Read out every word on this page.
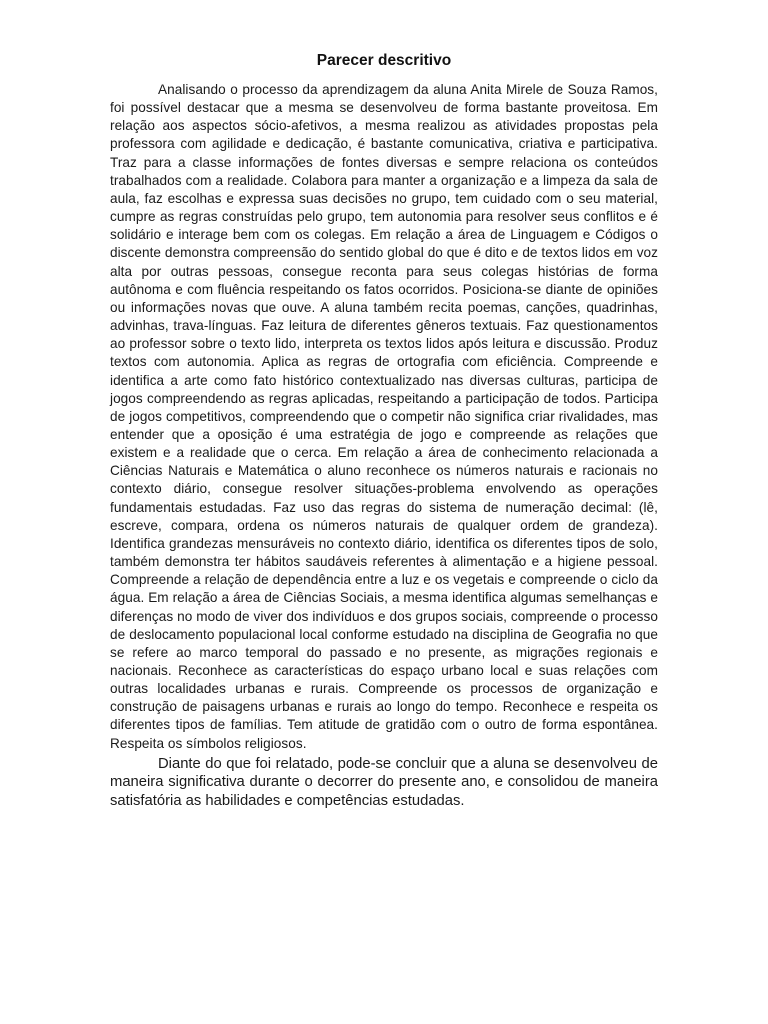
Parecer descritivo

Analisando o processo da aprendizagem da aluna Anita Mirele de Souza Ramos, foi possível destacar que a mesma se desenvolveu de forma bastante proveitosa. Em relação aos aspectos sócio-afetivos, a mesma realizou as atividades propostas pela professora com agilidade e dedicação, é bastante comunicativa, criativa e participativa. Traz para a classe informações de fontes diversas e sempre relaciona os conteúdos trabalhados com a realidade. Colabora para manter a organização e a limpeza da sala de aula, faz escolhas e expressa suas decisões no grupo, tem cuidado com o seu material, cumpre as regras construídas pelo grupo, tem autonomia para resolver seus conflitos e é solidário e interage bem com os colegas. Em relação a área de Linguagem e Códigos o discente demonstra compreensão do sentido global do que é dito e de textos lidos em voz alta por outras pessoas, consegue reconta para seus colegas histórias de forma autônoma e com fluência respeitando os fatos ocorridos. Posiciona-se diante de opiniões ou informações novas que ouve. A aluna também recita poemas, canções, quadrinhas, advinhas, trava-línguas. Faz leitura de diferentes gêneros textuais. Faz questionamentos ao professor sobre o texto lido, interpreta os textos lidos após leitura e discussão. Produz textos com autonomia. Aplica as regras de ortografia com eficiência. Compreende e identifica a arte como fato histórico contextualizado nas diversas culturas, participa de jogos compreendendo as regras aplicadas, respeitando a participação de todos. Participa de jogos competitivos, compreendendo que o competir não significa criar rivalidades, mas entender que a oposição é uma estratégia de jogo e compreende as relações que existem e a realidade que o cerca. Em relação a área de conhecimento relacionada a Ciências Naturais e Matemática o aluno reconhece os números naturais e racionais no contexto diário, consegue resolver situações-problema envolvendo as operações fundamentais estudadas. Faz uso das regras do sistema de numeração decimal: (lê, escreve, compara, ordena os números naturais de qualquer ordem de grandeza). Identifica grandezas mensuráveis no contexto diário, identifica os diferentes tipos de solo, também demonstra ter hábitos saudáveis referentes à alimentação e a higiene pessoal. Compreende a relação de dependência entre a luz e os vegetais e compreende o ciclo da água. Em relação a área de Ciências Sociais, a mesma identifica algumas semelhanças e diferenças no modo de viver dos indivíduos e dos grupos sociais, compreende o processo de deslocamento populacional local conforme estudado na disciplina de Geografia no que se refere ao marco temporal do passado e no presente, as migrações regionais e nacionais. Reconhece as características do espaço urbano local e suas relações com outras localidades urbanas e rurais. Compreende os processos de organização e construção de paisagens urbanas e rurais ao longo do tempo. Reconhece e respeita os diferentes tipos de famílias. Tem atitude de gratidão com o outro de forma espontânea. Respeita os símbolos religiosos.

Diante do que foi relatado, pode-se concluir que a aluna se desenvolveu de maneira significativa durante o decorrer do presente ano, e consolidou de maneira satisfatória as habilidades e competências estudadas.
